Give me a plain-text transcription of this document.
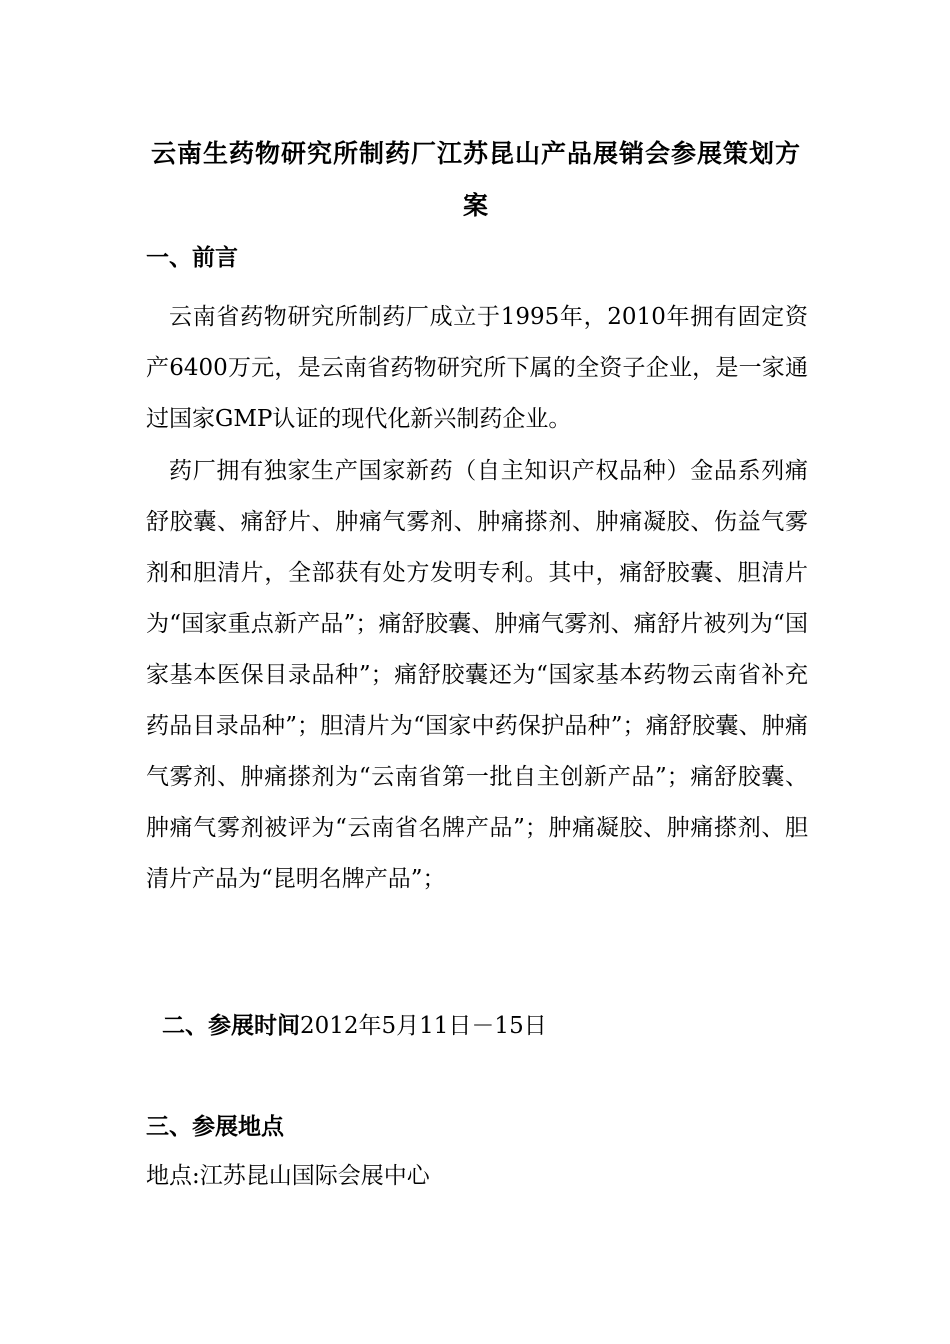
云南生药物研究所制药厂江苏昆山产品展销会参展策划方案
一、前言
云南省药物研究所制药厂成立于1995年，2010年拥有固定资产6400万元，是云南省药物研究所下属的全资子企业，是一家通过国家GMP认证的现代化新兴制药企业。
药厂拥有独家生产国家新药（自主知识产权品种）金品系列痛舒胶囊、痛舒片、肿痛气雾剂、肿痛搽剂、肿痛凝胶、伤益气雾剂和胆清片，全部获有处方发明专利。其中，痛舒胶囊、胆清片为“国家重点新产品”；痛舒胶囊、肿痛气雾剂、痛舒片被列为“国家基本医保目录品种”；痛舒胶囊还为“国家基本药物云南省补充药品目录品种”；胆清片为“国家中药保护品种”；痛舒胶囊、肿痛气雾剂、肿痛搽剂为“云南省第一批自主创新产品”；痛舒胶囊、肿痛气雾剂被评为“云南省名牌产品”；肿痛凝胶、肿痛搽剂、胆清片产品为“昆明名牌产品”；
二、参展时间2012年5月11日－15日
三、参展地点
地点:江苏昆山国际会展中心
